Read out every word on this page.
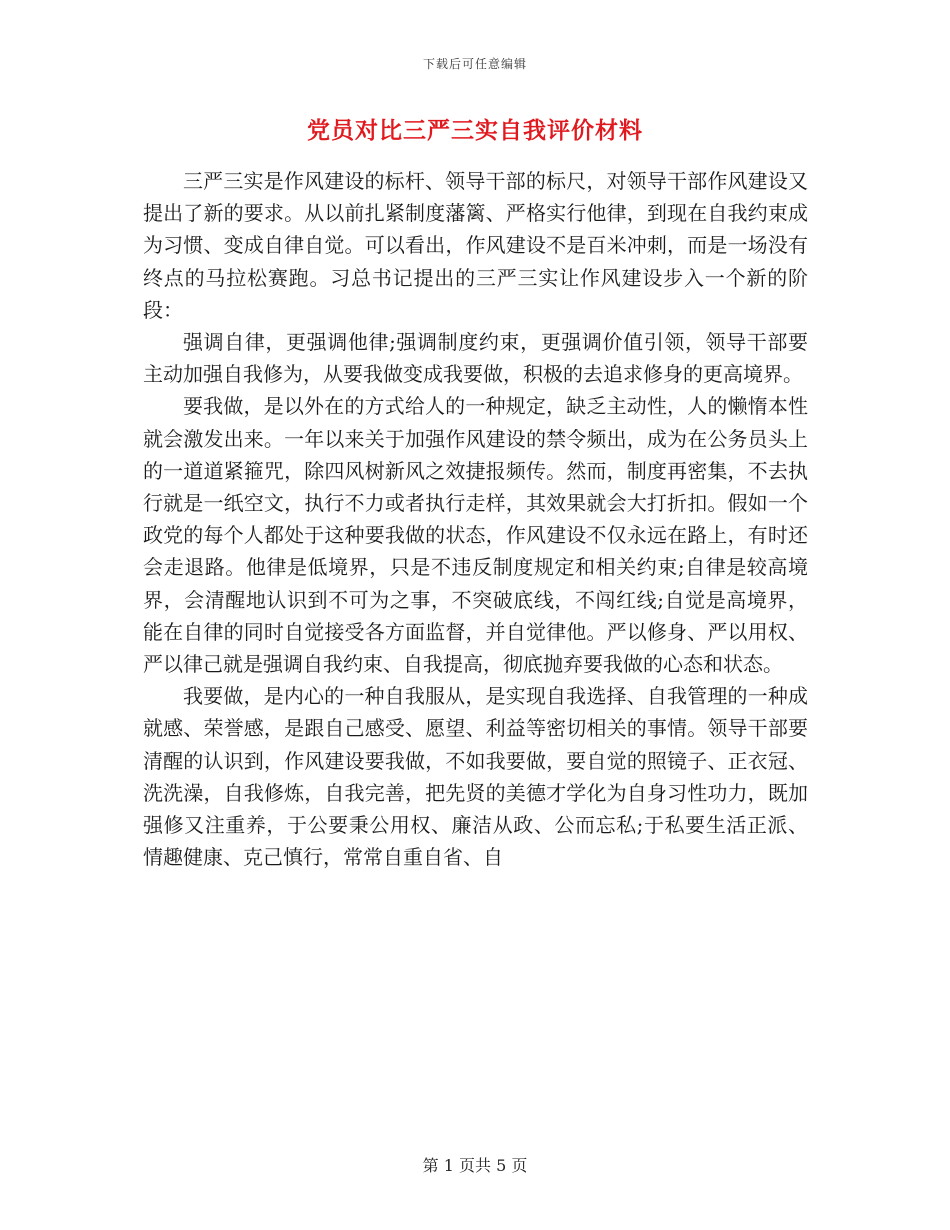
下载后可任意编辑
党员对比三严三实自我评价材料

三严三实是作风建设的标杆、领导干部的标尺，对领导干部作风建设又提出了新的要求。从以前扎紧制度藩篱、严格实行他律，到现在自我约束成为习惯、变成自律自觉。可以看出，作风建设不是百米冲刺，而是一场没有终点的马拉松赛跑。习总书记提出的三严三实让作风建设步入一个新的阶段：

强调自律，更强调他律;强调制度约束，更强调价值引领，领导干部要主动加强自我修为，从要我做变成我要做，积极的去追求修身的更高境界。

要我做，是以外在的方式给人的一种规定，缺乏主动性，人的懒惰本性就会激发出来。一年以来关于加强作风建设的禁令频出，成为在公务员头上的一道道紧箍咒，除四风树新风之效捷报频传。然而，制度再密集，不去执行就是一纸空文，执行不力或者执行走样，其效果就会大打折扣。假如一个政党的每个人都处于这种要我做的状态，作风建设不仅永远在路上，有时还会走退路。他律是低境界，只是不违反制度规定和相关约束;自律是较高境界，会清醒地认识到不可为之事，不突破底线，不闯红线;自觉是高境界，能在自律的同时自觉接受各方面监督，并自觉律他。严以修身、严以用权、严以律己就是强调自我约束、自我提高，彻底抛弃要我做的心态和状态。

我要做，是内心的一种自我服从，是实现自我选择、自我管理的一种成就感、荣誉感，是跟自己感受、愿望、利益等密切相关的事情。领导干部要清醒的认识到，作风建设要我做，不如我要做，要自觉的照镜子、正衣冠、洗洗澡，自我修炼，自我完善，把先贤的美德才学化为自身习性功力，既加强修又注重养，于公要秉公用权、廉洁从政、公而忘私;于私要生活正派、情趣健康、克己慎行，常常自重自省、自

第 1 页共 5 页
